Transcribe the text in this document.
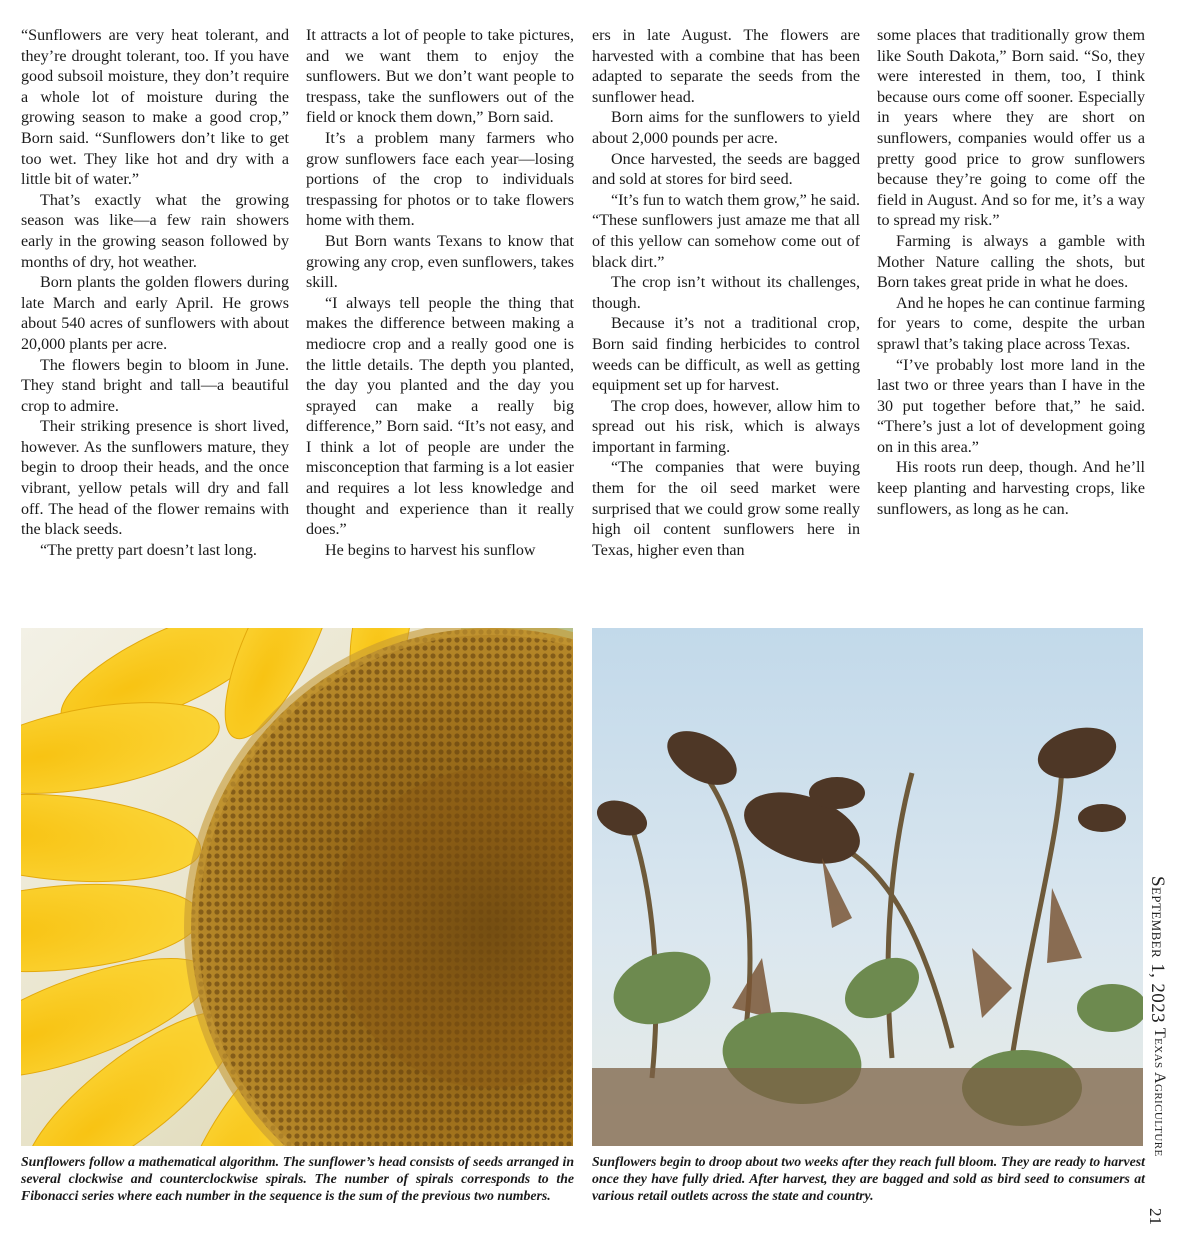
“Sunflowers are very heat tolerant, and they’re drought tolerant, too. If you have good subsoil moisture, they don’t require a whole lot of moisture during the growing season to make a good crop,” Born said. “Sunflowers don’t like to get too wet. They like hot and dry with a little bit of water.”

That’s exactly what the growing season was like—a few rain showers early in the growing season followed by months of dry, hot weather.

Born plants the golden flowers during late March and early April. He grows about 540 acres of sunflowers with about 20,000 plants per acre.

The flowers begin to bloom in June. They stand bright and tall—a beautiful crop to admire.

Their striking presence is short lived, however. As the sunflowers mature, they begin to droop their heads, and the once vibrant, yellow petals will dry and fall off. The head of the flower remains with the black seeds.

“The pretty part doesn’t last long.

It attracts a lot of people to take pictures, and we want them to enjoy the sunflowers. But we don’t want people to trespass, take the sunflowers out of the field or knock them down,” Born said.

It’s a problem many farmers who grow sunflowers face each year—losing portions of the crop to individuals trespassing for photos or to take flowers home with them.

But Born wants Texans to know that growing any crop, even sunflowers, takes skill.

“I always tell people the thing that makes the difference between making a mediocre crop and a really good one is the little details. The depth you planted, the day you planted and the day you sprayed can make a really big difference,” Born said. “It’s not easy, and I think a lot of people are under the misconception that farming is a lot easier and requires a lot less knowledge and thought and experience than it really does.”

He begins to harvest his sunflow

ers in late August. The flowers are harvested with a combine that has been adapted to separate the seeds from the sunflower head.

Born aims for the sunflowers to yield about 2,000 pounds per acre.

Once harvested, the seeds are bagged and sold at stores for bird seed.

“It’s fun to watch them grow,” he said. “These sunflowers just amaze me that all of this yellow can somehow come out of black dirt.”

The crop isn’t without its challenges, though.

Because it’s not a traditional crop, Born said finding herbicides to control weeds can be difficult, as well as getting equipment set up for harvest.

The crop does, however, allow him to spread out his risk, which is always important in farming.

“The companies that were buying them for the oil seed market were surprised that we could grow some really high oil content sunflowers here in Texas, higher even than

some places that traditionally grow them like South Dakota,” Born said. “So, they were interested in them, too, I think because ours come off sooner. Especially in years where they are short on sunflowers, companies would offer us a pretty good price to grow sunflowers because they’re going to come off the field in August. And so for me, it’s a way to spread my risk.”

Farming is always a gamble with Mother Nature calling the shots, but Born takes great pride in what he does.

And he hopes he can continue farming for years to come, despite the urban sprawl that’s taking place across Texas.

“I’ve probably lost more land in the last two or three years than I have in the 30 put together before that,” he said. “There’s just a lot of development going on in this area.”

His roots run deep, though. And he’ll keep planting and harvesting crops, like sunflowers, as long as he can.

Sunflowers follow a mathematical algorithm. The sunflower’s head consists of seeds arranged in several clockwise and counterclockwise spirals. The number of spirals corresponds to the Fibonacci series where each number in the sequence is the sum of the previous two numbers.

Sunflowers begin to droop about two weeks after they reach full bloom. They are ready to harvest once they have fully dried. After harvest, they are bagged and sold as bird seed to consumers at various retail outlets across the state and country.

September 1, 2023
Texas Agriculture
21
